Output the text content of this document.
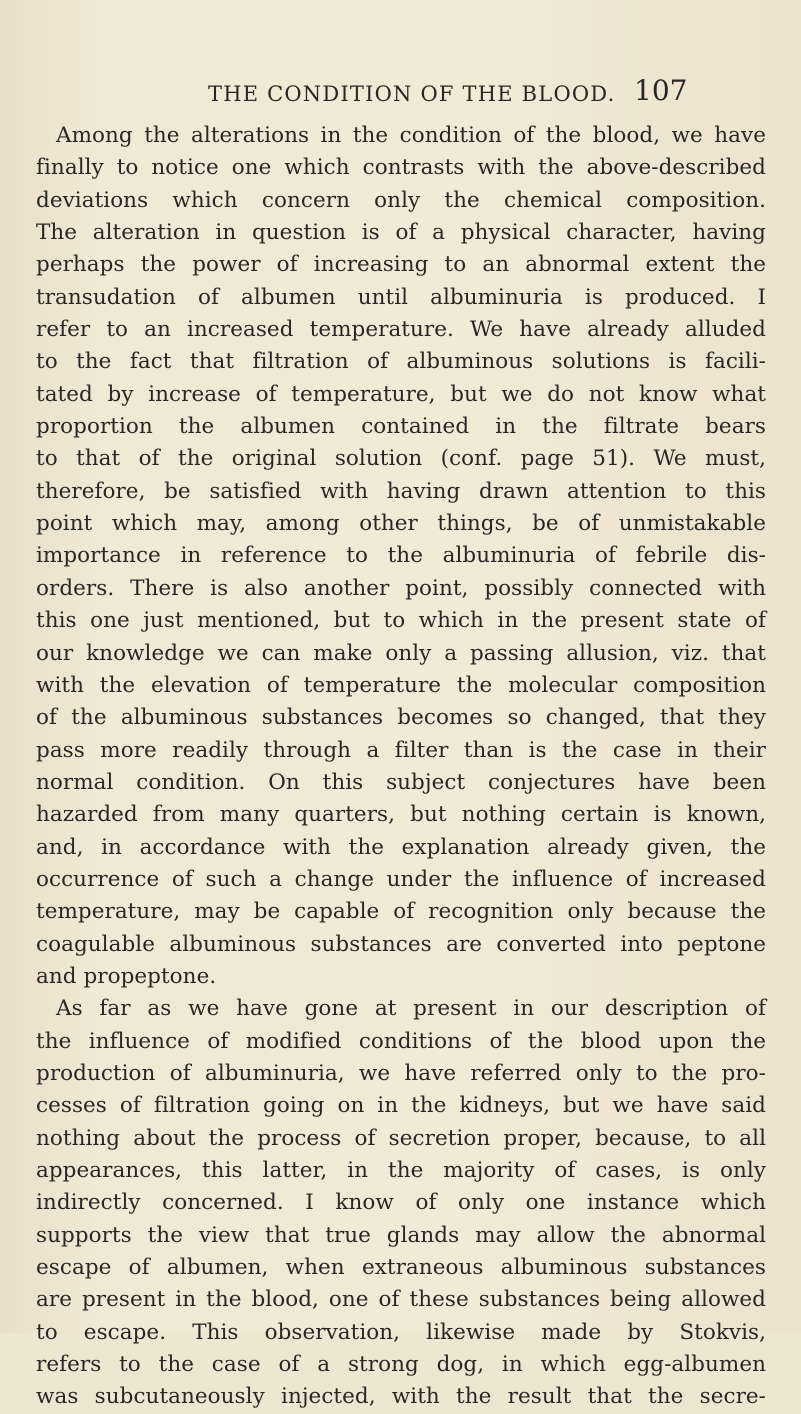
THE CONDITION OF THE BLOOD. 107
Among the alterations in the condition of the blood, we have
finally to notice one which contrasts with the above-described
deviations which concern only the chemical composition.
The alteration in question is of a physical character, having
perhaps the power of increasing to an abnormal extent the
transudation of albumen until albuminuria is produced. I
refer to an increased temperature. We have already alluded
to the fact that filtration of albuminous solutions is facili-
tated by increase of temperature, but we do not know what
proportion the albumen contained in the filtrate bears
to that of the original solution (conf. page 51). We must,
therefore, be satisfied with having drawn attention to this
point which may, among other things, be of unmistakable
importance in reference to the albuminuria of febrile dis-
orders. There is also another point, possibly connected with
this one just mentioned, but to which in the present state of
our knowledge we can make only a passing allusion, viz. that
with the elevation of temperature the molecular composition
of the albuminous substances becomes so changed, that they
pass more readily through a filter than is the case in their
normal condition. On this subject conjectures have been
hazarded from many quarters, but nothing certain is known,
and, in accordance with the explanation already given, the
occurrence of such a change under the influence of increased
temperature, may be capable of recognition only because the
coagulable albuminous substances are converted into peptone
and propeptone.
As far as we have gone at present in our description of
the influence of modified conditions of the blood upon the
production of albuminuria, we have referred only to the pro-
cesses of filtration going on in the kidneys, but we have said
nothing about the process of secretion proper, because, to all
appearances, this latter, in the majority of cases, is only
indirectly concerned. I know of only one instance which
supports the view that true glands may allow the abnormal
escape of albumen, when extraneous albuminous substances
are present in the blood, one of these substances being allowed
to escape. This observation, likewise made by Stokvis,
refers to the case of a strong dog, in which egg-albumen
was subcutaneously injected, with the result that the secre-
